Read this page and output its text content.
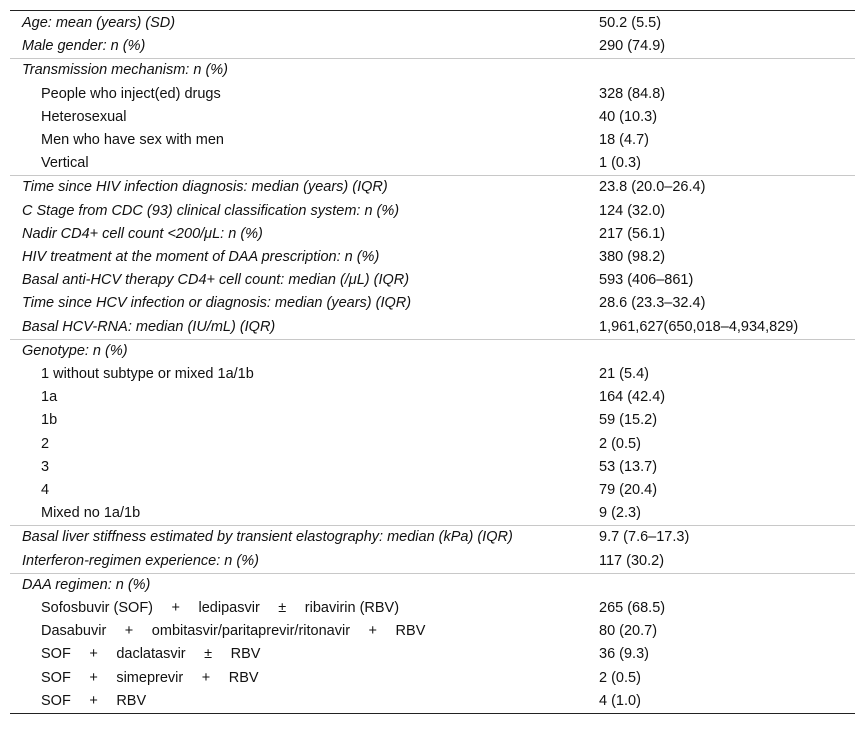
Age: mean (years) (SD)	50.2 (5.5)
Male gender: n (%)	290 (74.9)
Transmission mechanism: n (%)	
People who inject(ed) drugs	328 (84.8)
Heterosexual	40 (10.3)
Men who have sex with men	18 (4.7)
Vertical	1 (0.3)
Time since HIV infection diagnosis: median (years) (IQR)	23.8 (20.0–26.4)
C Stage from CDC (93) clinical classification system: n (%)	124 (32.0)
Nadir CD4+ cell count <200/μL: n (%)	217 (56.1)
HIV treatment at the moment of DAA prescription: n (%)	380 (98.2)
Basal anti-HCV therapy CD4+ cell count: median (/μL) (IQR)	593 (406–861)
Time since HCV infection or diagnosis: median (years) (IQR)	28.6 (23.3–32.4)
Basal HCV-RNA: median (IU/mL) (IQR)	1,961,627(650,018–4,934,829)
Genotype: n (%)	
1 without subtype or mixed 1a/1b	21 (5.4)
1a	164 (42.4)
1b	59 (15.2)
2	2 (0.5)
3	53 (13.7)
4	79 (20.4)
Mixed no 1a/1b	9 (2.3)
Basal liver stiffness estimated by transient elastography: median (kPa) (IQR)	9.7 (7.6–17.3)
Interferon-regimen experience: n (%)	117 (30.2)
DAA regimen: n (%)	
Sofosbuvir (SOF)  +  ledipasvir  ±  ribavirin (RBV)	265 (68.5)
Dasabuvir  +  ombitasvir/paritaprevir/ritonavir  +  RBV	80 (20.7)
SOF  +  daclatasvir  ±  RBV	36 (9.3)
SOF  +  simeprevir  +  RBV	2 (0.5)
SOF  +  RBV	4 (1.0)
